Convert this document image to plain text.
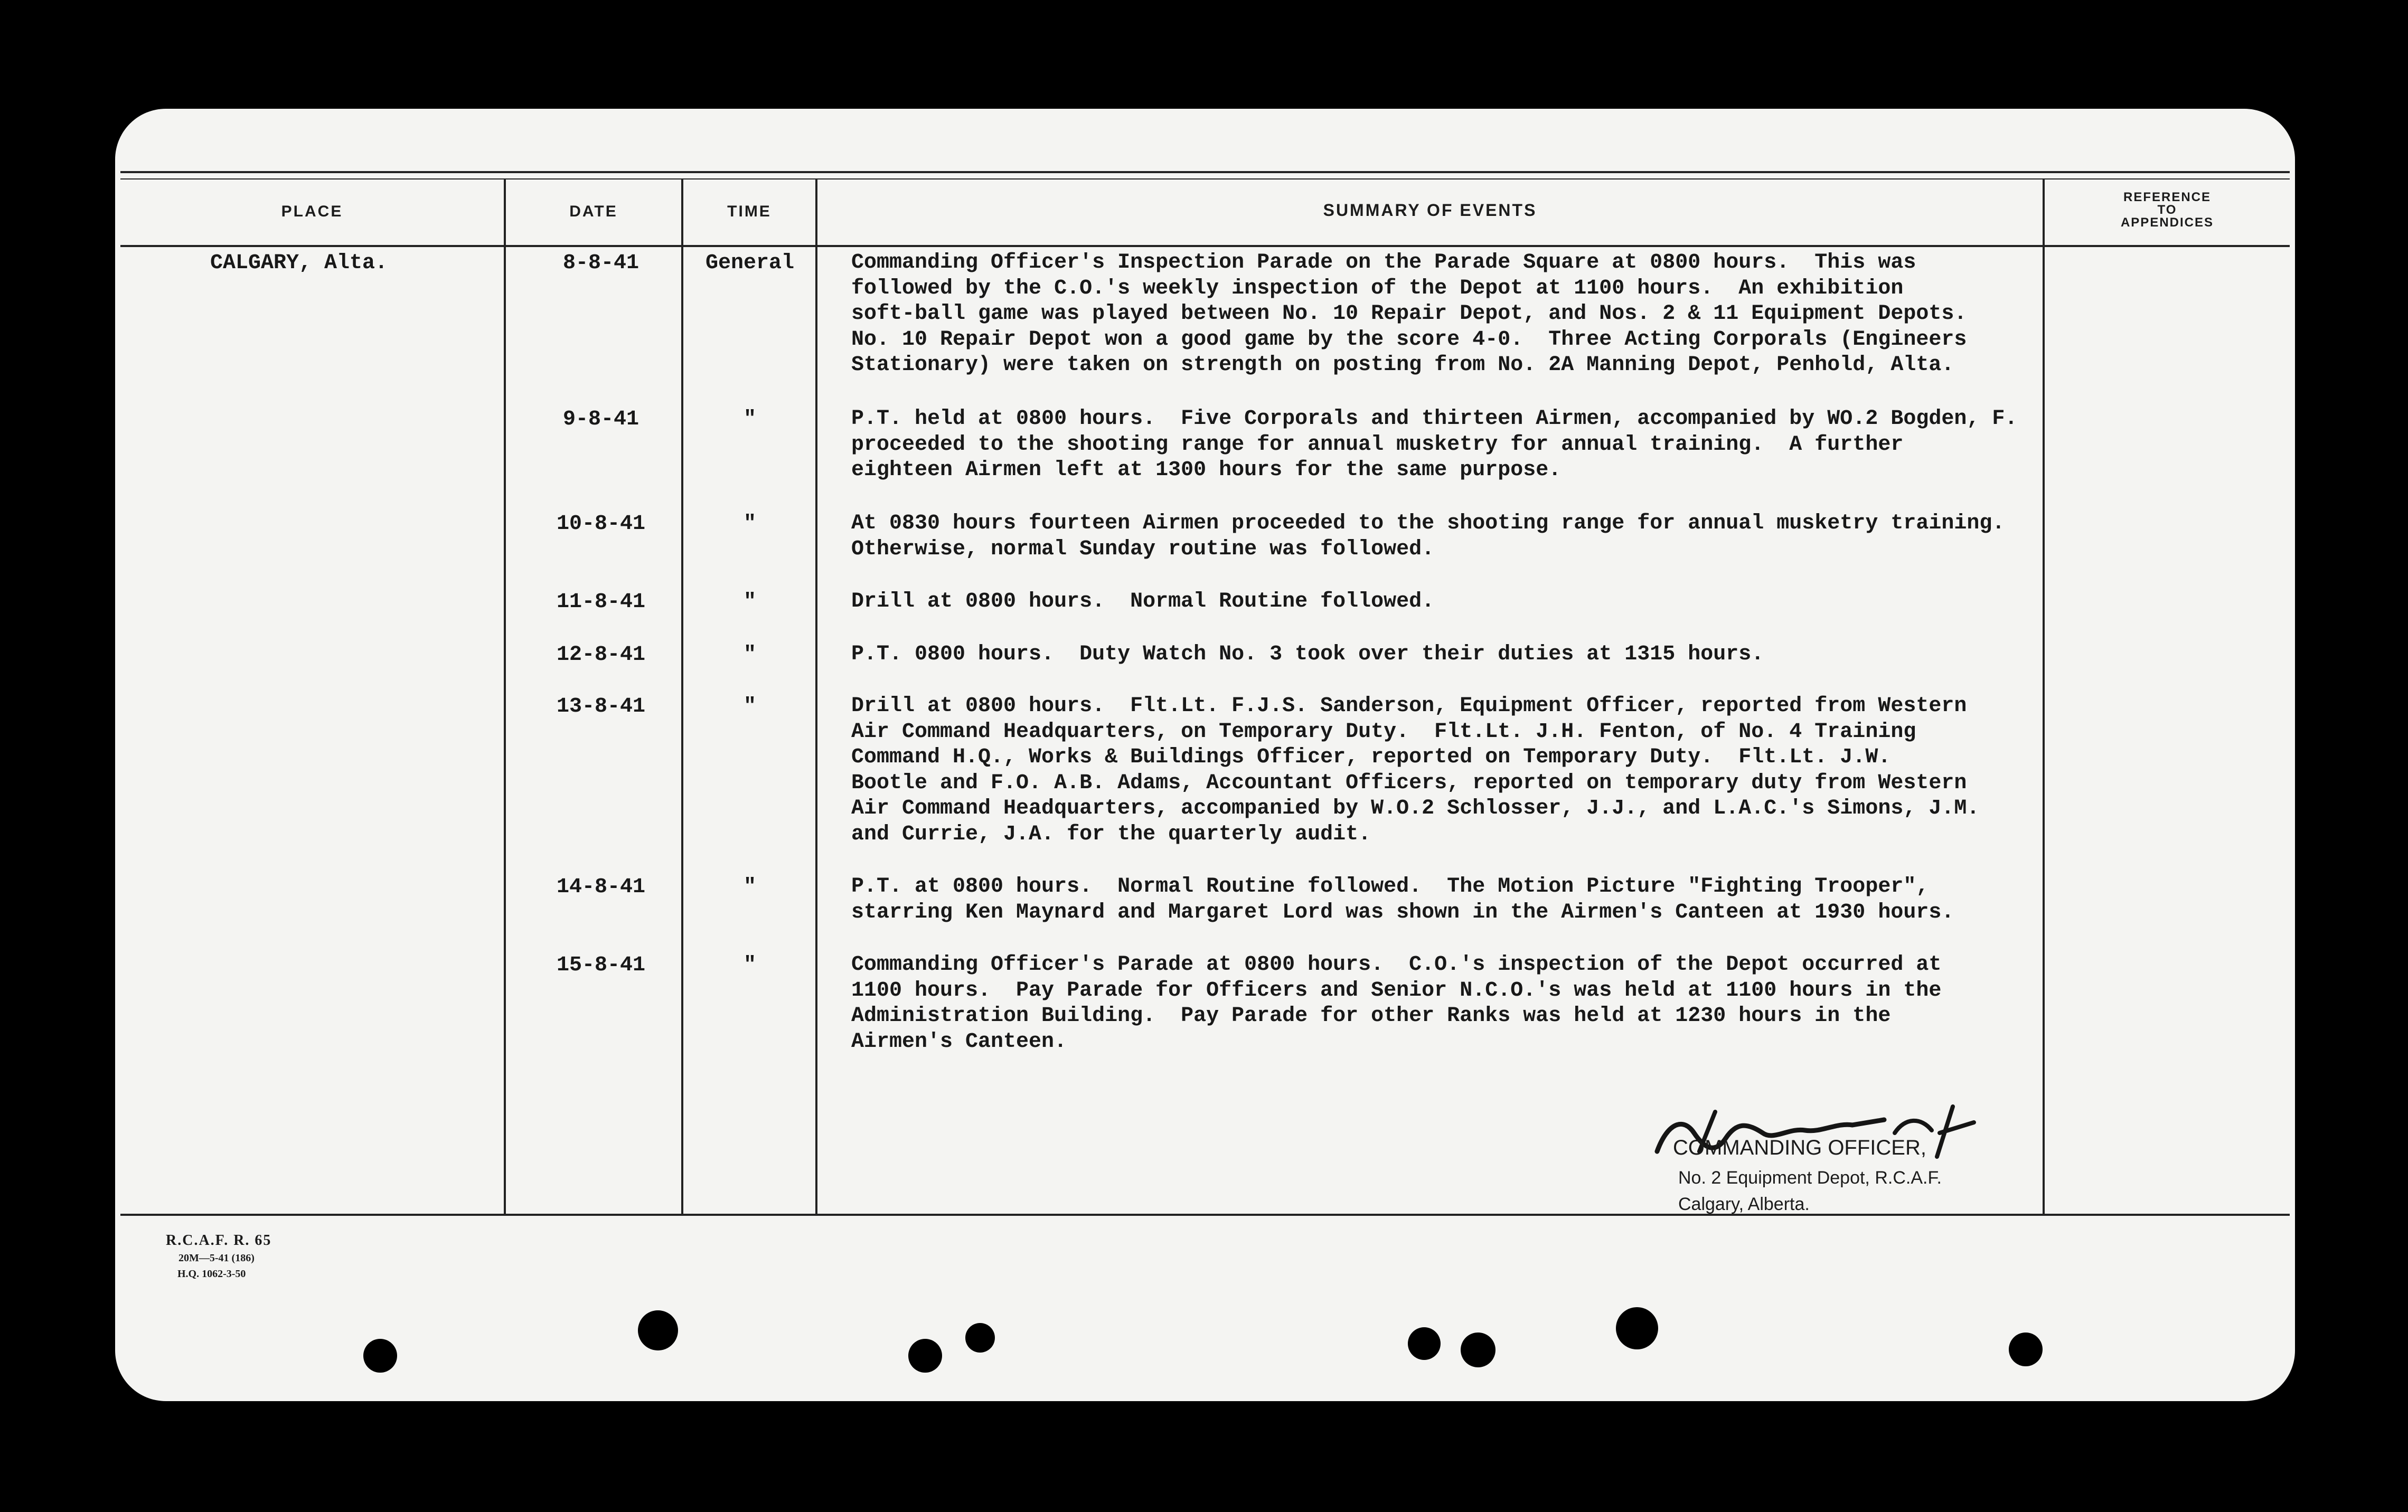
PLACE	DATE	TIME	SUMMARY OF EVENTS
REFERENCE
TO
APPENDICES
CALGARY, Alta.	8-8-41	General	Commanding Officer's Inspection Parade on the Parade Square at 0800 hours.  This was
followed by the C.O.'s weekly inspection of the Depot at 1100 hours.  An exhibition
soft-ball game was played between No. 10 Repair Depot, and Nos. 2 & 11 Equipment Depots.
No. 10 Repair Depot won a good game by the score 4-0.  Three Acting Corporals (Engineers
Stationary) were taken on strength on posting from No. 2A Manning Depot, Penhold, Alta.
9-8-41	"	P.T. held at 0800 hours.  Five Corporals and thirteen Airmen, accompanied by WO.2 Bogden, F.
proceeded to the shooting range for annual musketry for annual training.  A further
eighteen Airmen left at 1300 hours for the same purpose.
10-8-41	"	At 0830 hours fourteen Airmen proceeded to the shooting range for annual musketry training.
Otherwise, normal Sunday routine was followed.
11-8-41	"	Drill at 0800 hours.  Normal Routine followed.
12-8-41	"	P.T. 0800 hours.  Duty Watch No. 3 took over their duties at 1315 hours.
13-8-41	"	Drill at 0800 hours.  Flt.Lt. F.J.S. Sanderson, Equipment Officer, reported from Western
Air Command Headquarters, on Temporary Duty.  Flt.Lt. J.H. Fenton, of No. 4 Training
Command H.Q., Works & Buildings Officer, reported on Temporary Duty.  Flt.Lt. J.W.
Bootle and F.O. A.B. Adams, Accountant Officers, reported on temporary duty from Western
Air Command Headquarters, accompanied by W.O.2 Schlosser, J.J., and L.A.C.'s Simons, J.M.
and Currie, J.A. for the quarterly audit.
14-8-41	"	P.T. at 0800 hours.  Normal Routine followed.  The Motion Picture "Fighting Trooper",
starring Ken Maynard and Margaret Lord was shown in the Airmen's Canteen at 1930 hours.
15-8-41	"	Commanding Officer's Parade at 0800 hours.  C.O.'s inspection of the Depot occurred at
1100 hours.  Pay Parade for Officers and Senior N.C.O.'s was held at 1100 hours in the
Administration Building.  Pay Parade for other Ranks was held at 1230 hours in the
Airmen's Canteen.
COMMANDING OFFICER,
No. 2 Equipment Depot, R.C.A.F.
Calgary, Alberta.
R.C.A.F. R. 65
20M—5-41 (186)
H.Q. 1062-3-50
